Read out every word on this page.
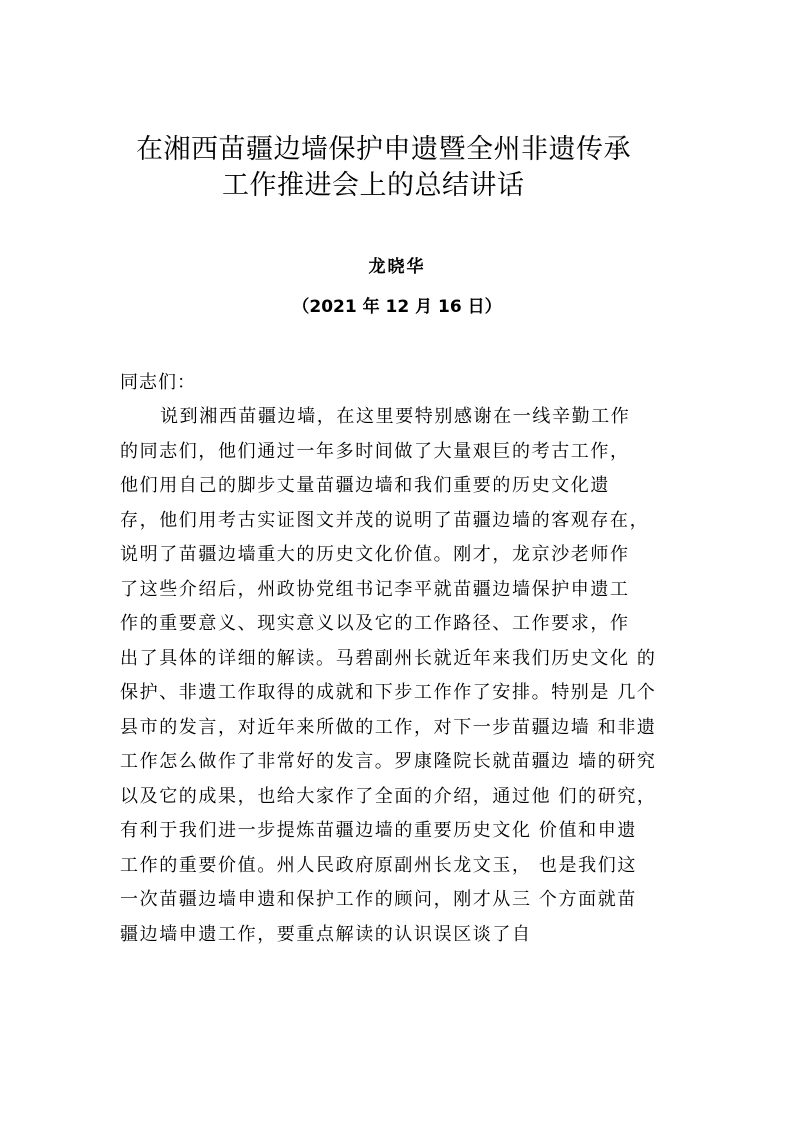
在湘西苗疆边墙保护申遗暨全州非遗传承
工作推进会上的总结讲话
龙晓华
（2021 年 12 月 16 日）
同志们：
说到湘西苗疆边墙，在这里要特别感谢在一线辛勤工作
的同志们，他们通过一年多时间做了大量艰巨的考古工作，
他们用自己的脚步丈量苗疆边墙和我们重要的历史文化遗
存，他们用考古实证图文并茂的说明了苗疆边墙的客观存在，
说明了苗疆边墙重大的历史文化价值。刚才，龙京沙老师作
了这些介绍后，州政协党组书记李平就苗疆边墙保护申遗工
作的重要意义、现实意义以及它的工作路径、工作要求，作
出了具体的详细的解读。马碧副州长就近年来我们历史文化 的
保护、非遗工作取得的成就和下步工作作了安排。特别是 几个
县市的发言，对近年来所做的工作，对下一步苗疆边墙 和非遗
工作怎么做作了非常好的发言。罗康隆院长就苗疆边 墙的研究
以及它的成果，也给大家作了全面的介绍，通过他 们的研究，
有利于我们进一步提炼苗疆边墙的重要历史文化 价值和申遗
工作的重要价值。州人民政府原副州长龙文玉， 也是我们这
一次苗疆边墙申遗和保护工作的顾问，刚才从三 个方面就苗
疆边墙申遗工作，要重点解读的认识误区谈了自
